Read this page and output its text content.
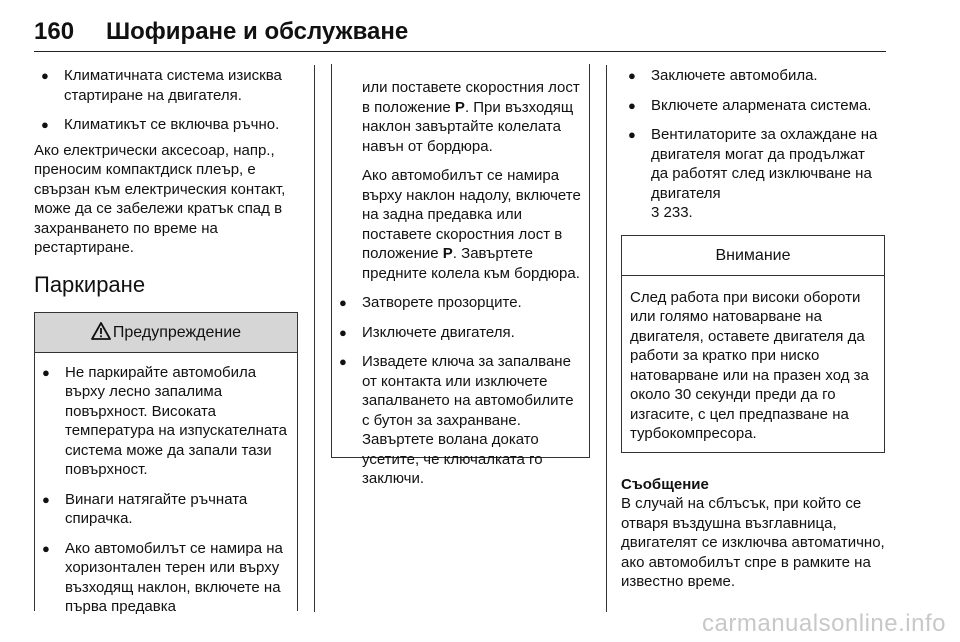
160 Шофиране и обслужване
●	Климатичната система изисква стартиране на двигателя.
●	Климатикът се включва ръчно.

Ако електрически аксесоар, напр., преносим компактдиск плеър, е свързан към електрическия контакт, може да се забележи кратък спад в захранването по време на рестартиране.

Паркиране
Предупреждение
●	Не паркирайте автомобила върху лесно запалима повърхност. Високата температура на изпускателната система може да запали тази повърхност.
●	Винаги натягайте ръчната спирачка.
●	Ако автомобилът се намира на хоризонтален терен или върху възходящ наклон, включете на първа предавка

или поставете скоростния лост в положение P. При възходящ наклон завъртайте колелата навън от бордюра.

Ако автомобилът се намира върху наклон надолу, включете на задна предавка или поставете скоростния лост в положение P. Завъртете предните колела към бордюра.

●	Затворете прозорците.
●	Изключете двигателя.
●	Извадете ключа за запалване от контакта или изключете запалването на автомобилите с бутон за захранване. Завъртете волана докато усетите, че ключалката го заключи.
●	Заключете автомобила.
●	Включете алармената система.
●	Вентилаторите за охлаждане на двигателя могат да продължат да работят след изключване на двигателя
3 233.
Внимание

След работа при високи обороти или голямо натоварване на двигателя, оставете двигателя да работи за кратко при ниско натоварване или на празен ход за около 30 секунди преди да го изгасите, с цел предпазване на турбокомпресора.

Съобщение

В случай на сблъсък, при който се отваря въздушна възглавница, двигателят се изключва автоматично, ако автомобилът спре в рамките на известно време.

carmanualsonline.info
